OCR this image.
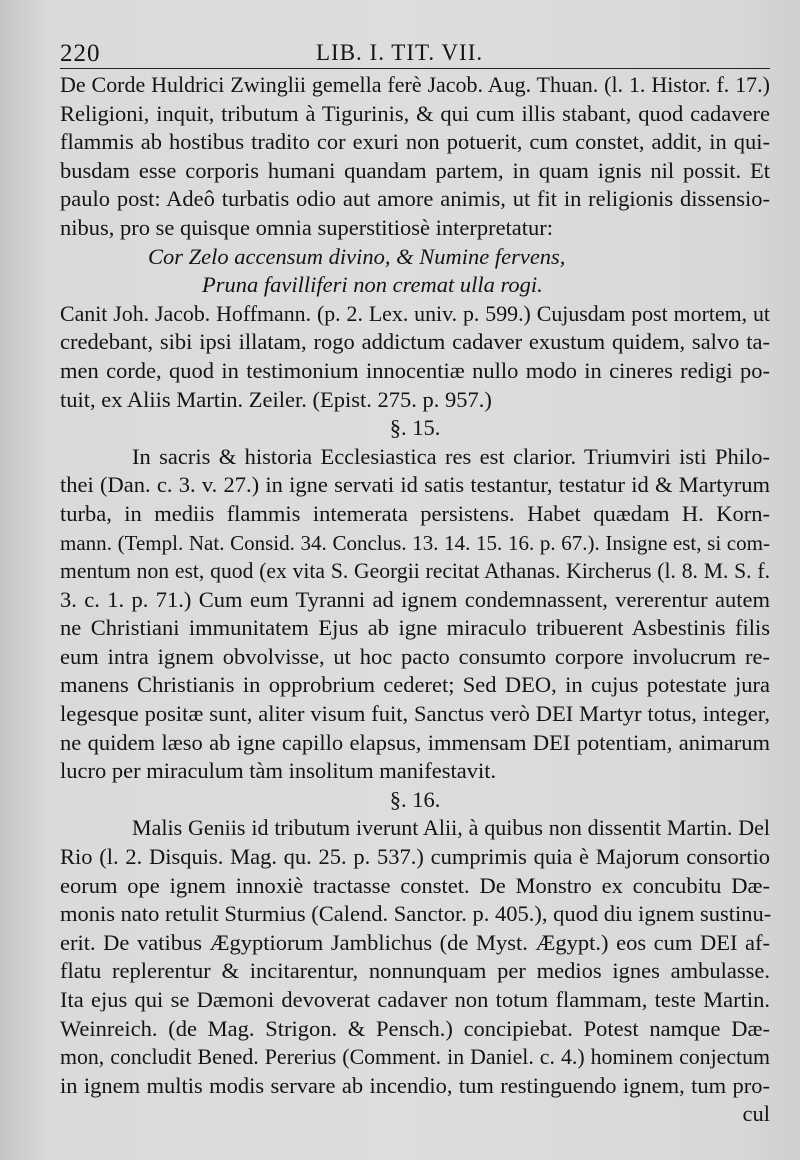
220	LIB. I. TIT. VII.
De Corde Huldrici Zwinglii gemella ferè Jacob. Aug. Thuan. (l. 1. Histor. f. 17.)
Religioni, inquit, tributum à Tigurinis, & qui cum illis stabant, quod cadavere
flammis ab hostibus tradito cor exuri non potuerit, cum constet, addit, in qui-
busdam esse corporis humani quandam partem, in quam ignis nil possit. Et
paulo post: Adeô turbatis odio aut amore animis, ut fit in religionis dissensio-
nibus, pro se quisque omnia superstitiosè interpretatur:
Cor Zelo accensum divino, & Numine fervens,
Pruna favilliferi non cremat ulla rogi.
Canit Joh. Jacob. Hoffmann. (p. 2. Lex. univ. p. 599.) Cujusdam post mortem, ut
credebant, sibi ipsi illatam, rogo addictum cadaver exustum quidem, salvo ta-
men corde, quod in testimonium innocentiæ nullo modo in cineres redigi po-
tuit, ex Aliis Martin. Zeiler. (Epist. 275. p. 957.)
§. 15.
In sacris & historia Ecclesiastica res est clarior. Triumviri isti Philo-
thei (Dan. c. 3. v. 27.) in igne servati id satis testantur, testatur id & Martyrum
turba, in mediis flammis intemerata persistens. Habet quædam H. Korn-
mann. (Templ. Nat. Consid. 34. Conclus. 13. 14. 15. 16. p. 67.). Insigne est, si com-
mentum non est, quod (ex vita S. Georgii recitat Athanas. Kircherus (l. 8. M. S. f.
3. c. 1. p. 71.) Cum eum Tyranni ad ignem condemnassent, vererentur autem
ne Christiani immunitatem Ejus ab igne miraculo tribuerent Asbestinis filis
eum intra ignem obvolvisse, ut hoc pacto consumto corpore involucrum re-
manens Christianis in opprobrium cederet; Sed DEO, in cujus potestate jura
legesque positæ sunt, aliter visum fuit, Sanctus verò DEI Martyr totus, integer,
ne quidem læso ab igne capillo elapsus, immensam DEI potentiam, animarum
lucro per miraculum tàm insolitum manifestavit.
§. 16.
Malis Geniis id tributum iverunt Alii, à quibus non dissentit Martin. Del
Rio (l. 2. Disquis. Mag. qu. 25. p. 537.) cumprimis quia è Majorum consortio
eorum ope ignem innoxiè tractasse constet. De Monstro ex concubitu Dæ-
monis nato retulit Sturmius (Calend. Sanctor. p. 405.), quod diu ignem sustinu-
erit. De vatibus Ægyptiorum Jamblichus (de Myst. Ægypt.) eos cum DEI af-
flatu replerentur & incitarentur, nonnunquam per medios ignes ambulasse.
Ita ejus qui se Dæmoni devoverat cadaver non totum flammam, teste Martin.
Weinreich. (de Mag. Strigon. & Pensch.) concipiebat. Potest namque Dæ-
mon, concludit Bened. Pererius (Comment. in Daniel. c. 4.) hominem conjectum
in ignem multis modis servare ab incendio, tum restinguendo ignem, tum pro-
cul
